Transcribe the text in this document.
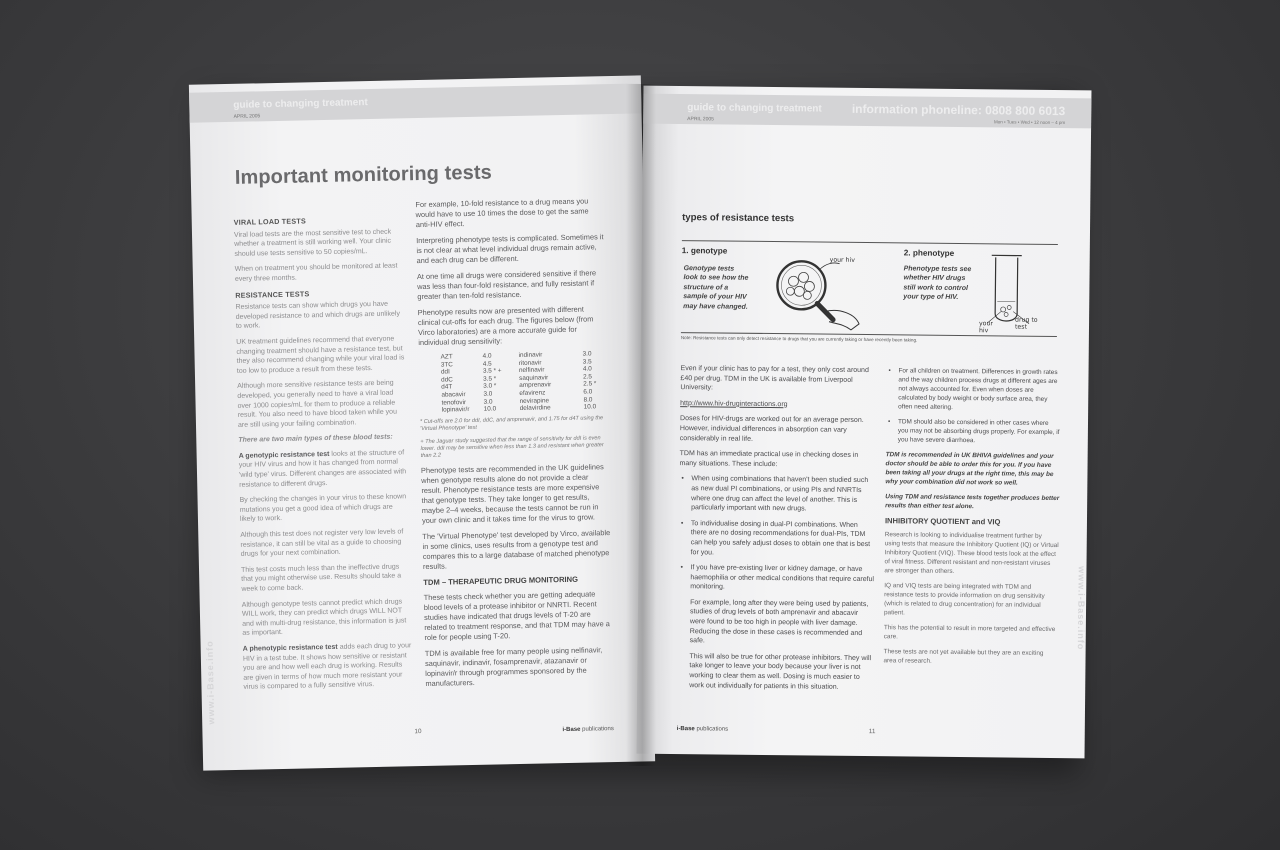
guide to changing treatment
APRIL 2005
Important monitoring tests
VIRAL LOAD TESTS

Viral load tests are the most sensitive test to check whether a treatment is still working well. Your clinic should use tests sensitive to 50 copies/mL.

When on treatment you should be monitored at least every three months.

RESISTANCE TESTS

Resistance tests can show which drugs you have developed resistance to and which drugs are unlikely to work.

UK treatment guidelines recommend that everyone changing treatment should have a resistance test, but they also recommend changing while your viral load is too low to produce a result from these tests.

Although more sensitive resistance tests are being developed, you generally need to have a viral load over 1000 copies/mL for them to produce a reliable result. You also need to have blood taken while you are still using your failing combination.

There are two main types of these blood tests:

A genotypic resistance test looks at the structure of your HIV virus and how it has changed from normal 'wild type' virus. Different changes are associated with resistance to different drugs.

By checking the changes in your virus to these known mutations you get a good idea of which drugs are likely to work.

Although this test does not register very low levels of resistance, it can still be vital as a guide to choosing drugs for your next combination.

This test costs much less than the ineffective drugs that you might otherwise use. Results should take a week to come back.

Although genotype tests cannot predict which drugs WILL work, they can predict which drugs WILL NOT and with multi-drug resistance, this information is just as important.

A phenotypic resistance test adds each drug to your HIV in a test tube. It shows how sensitive or resistant you are and how well each drug is working. Results are given in terms of how much more resistant your virus is compared to a fully sensitive virus.

For example, 10-fold resistance to a drug means you would have to use 10 times the dose to get the same anti-HIV effect.

Interpreting phenotype tests is complicated. Sometimes it is not clear at what level individual drugs remain active, and each drug can be different.

At one time all drugs were considered sensitive if there was less than four-fold resistance, and fully resistant if greater than ten-fold resistance.

Phenotype results now are presented with different clinical cut-offs for each drug. The figures below (from Virco laboratories) are a more accurate guide for individual drug sensitivity:

AZT	4.0	indinavir	3.0
3TC	4.5	ritonavir	3.5
ddI	3.5 * +	nelfinavir	4.0
ddC	3.5 *	saquinavir	2.5
d4T	3.0 *	amprenavir	2.5 *
abacavir	3.0	efavirenz	6.0
tenofovir	3.0	nevirapine	8.0
lopinavir/r	10.0	delavirdine	10.0

* Cut-offs are 2.0 for ddI, ddC, and amprenavir, and 1.75 for d4T using the 'Virtual Phenotype' test

+ The Jaguar study suggested that the range of sensitivity for ddI is even lower. ddI may be sensitive when less than 1.3 and resistant when greater than 2.2

Phenotype tests are recommended in the UK guidelines when genotype results alone do not provide a clear result. Phenotype resistance tests are more expensive that genotype tests. They take longer to get results, maybe 2–4 weeks, because the tests cannot be run in your own clinic and it takes time for the virus to grow.

The 'Virtual Phenotype' test developed by Virco, available in some clinics, uses results from a genotype test and compares this to a large database of matched phenotype results.

TDM – THERAPEUTIC DRUG MONITORING

These tests check whether you are getting adequate blood levels of a protease inhibitor or NNRTI. Recent studies have indicated that drugs levels of T-20 are related to treatment response, and that TDM may have a role for people using T-20.

TDM is available free for many people using nelfinavir, saquinavir, indinavir, fosamprenavir, atazanavir or lopinavir/r through programmes sponsored by the manufacturers.

www.i-Base.info
10	i-Base publications
guide to changing treatment
APRIL 2005
information phoneline: 0808 800 6013
Mon • Tues • Wed • 12 noon – 4 pm
types of resistance tests
1. genotype
Genotype tests look to see how the structure of a sample of your HIV may have changed.
your hiv
2. phenotype
Phenotype tests see whether HIV drugs still work to control your type of HIV.
your hiv
drug to test
Note: Resistance tests can only detect resistance to drugs that you are currently taking or have recently been taking.

Even if your clinic has to pay for a test, they only cost around £40 per drug. TDM in the UK is available from Liverpool University:

http://www.hiv-druginteractions.org

Doses for HIV-drugs are worked out for an average person. However, individual differences in absorption can vary considerably in real life.

TDM has an immediate practical use in checking doses in many situations. These include:

• When using combinations that haven't been studied such as new dual PI combinations, or using PIs and NNRTIs where one drug can affect the level of another. This is particularly important with new drugs.
• To individualise dosing in dual-PI combinations. When there are no dosing recommendations for dual-PIs, TDM can help you safely adjust doses to obtain one that is best for you.
• If you have pre-existing liver or kidney damage, or have haemophilia or other medical conditions that require careful monitoring.

For example, long after they were being used by patients, studies of drug levels of both amprenavir and abacavir were found to be too high in people with liver damage. Reducing the dose in these cases is recommended and safe.

This will also be true for other protease inhibitors. They will take longer to leave your body because your liver is not working to clear them as well. Dosing is much easier to work out individually for patients in this situation.

• For all children on treatment. Differences in growth rates and the way children process drugs at different ages are not always accounted for. Even when doses are calculated by body weight or body surface area, they often need altering.
• TDM should also be considered in other cases where you may not be absorbing drugs properly. For example, if you have severe diarrhoea.

TDM is recommended in UK BHIVA guidelines and your doctor should be able to order this for you. If you have been taking all your drugs at the right time, this may be why your combination did not work so well.

Using TDM and resistance tests together produces better results than either test alone.

INHIBITORY QUOTIENT and VIQ

Research is looking to individualise treatment further by using tests that measure the Inhibitory Quotient (IQ) or Virtual Inhibitory Quotient (VIQ). These blood tests look at the effect of viral fitness. Different resistant and non-resistant viruses are stronger than others.

IQ and VIQ tests are being integrated with TDM and resistance tests to provide information on drug sensitivity (which is related to drug concentration) for an individual patient.

This has the potential to result in more targeted and effective care.

These tests are not yet available but they are an exciting area of research.

www.i-Base.info
i-Base publications	11
